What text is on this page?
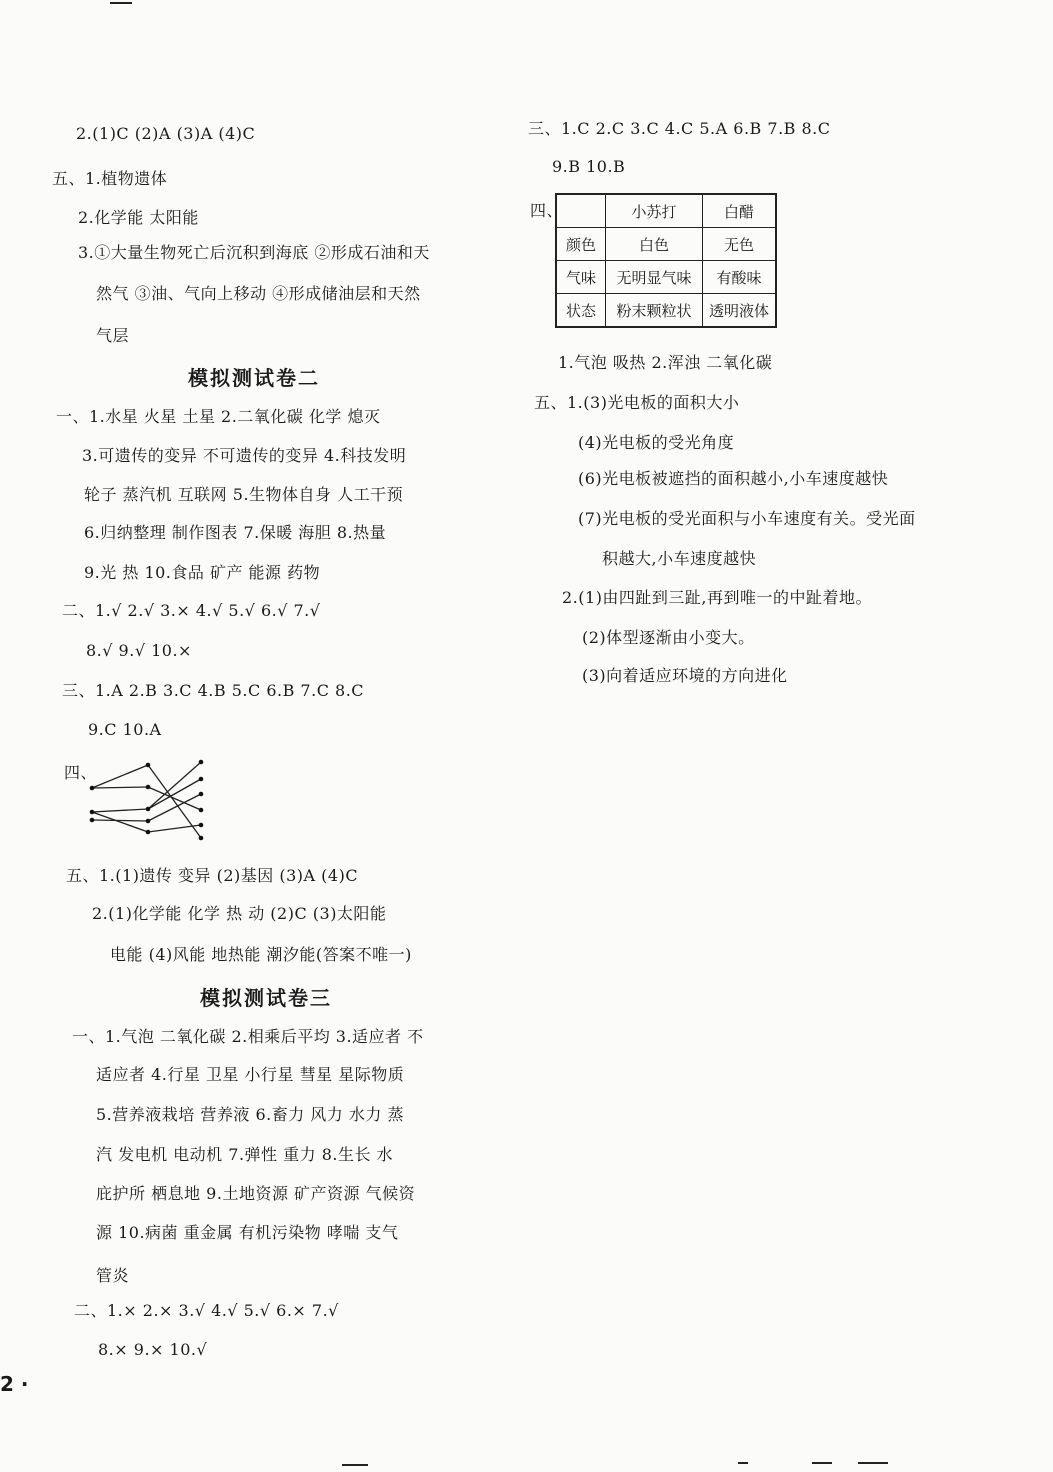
2.(1)C (2)A (3)A (4)C
五、1.植物遗体
2.化学能 太阳能
3.①大量生物死亡后沉积到海底 ②形成石油和天
然气 ③油、气向上移动 ④形成储油层和天然
气层
模拟测试卷二
一、1.水星 火星 土星 2.二氧化碳 化学 熄灭
3.可遗传的变异 不可遗传的变异 4.科技发明
轮子 蒸汽机 互联网 5.生物体自身 人工干预
6.归纳整理 制作图表 7.保暖 海胆 8.热量
9.光 热 10.食品 矿产 能源 药物
二、1.√ 2.√ 3.× 4.√ 5.√ 6.√ 7.√
8.√ 9.√ 10.×
三、1.A 2.B 3.C 4.B 5.C 6.B 7.C 8.C
9.C 10.A
四、
五、1.(1)遗传 变异 (2)基因 (3)A (4)C
2.(1)化学能 化学 热 动 (2)C (3)太阳能
电能 (4)风能 地热能 潮汐能(答案不唯一)
模拟测试卷三
一、1.气泡 二氧化碳 2.相乘后平均 3.适应者 不
适应者 4.行星 卫星 小行星 彗星 星际物质
5.营养液栽培 营养液 6.畜力 风力 水力 蒸
汽 发电机 电动机 7.弹性 重力 8.生长 水
庇护所 栖息地 9.土地资源 矿产资源 气候资
源 10.病菌 重金属 有机污染物 哮喘 支气
管炎
二、1.× 2.× 3.√ 4.√ 5.√ 6.× 7.√
8.× 9.× 10.√
2 ·
三、1.C 2.C 3.C 4.C 5.A 6.B 7.B 8.C
9.B 10.B
四、
		小苏打	白醋
颜色	白色	无色
气味	无明显气味	有酸味
状态	粉末颗粒状	透明液体
1.气泡 吸热 2.浑浊 二氧化碳
五、1.(3)光电板的面积大小
(4)光电板的受光角度
(6)光电板被遮挡的面积越小,小车速度越快
(7)光电板的受光面积与小车速度有关。受光面
积越大,小车速度越快
2.(1)由四趾到三趾,再到唯一的中趾着地。
(2)体型逐渐由小变大。
(3)向着适应环境的方向进化
